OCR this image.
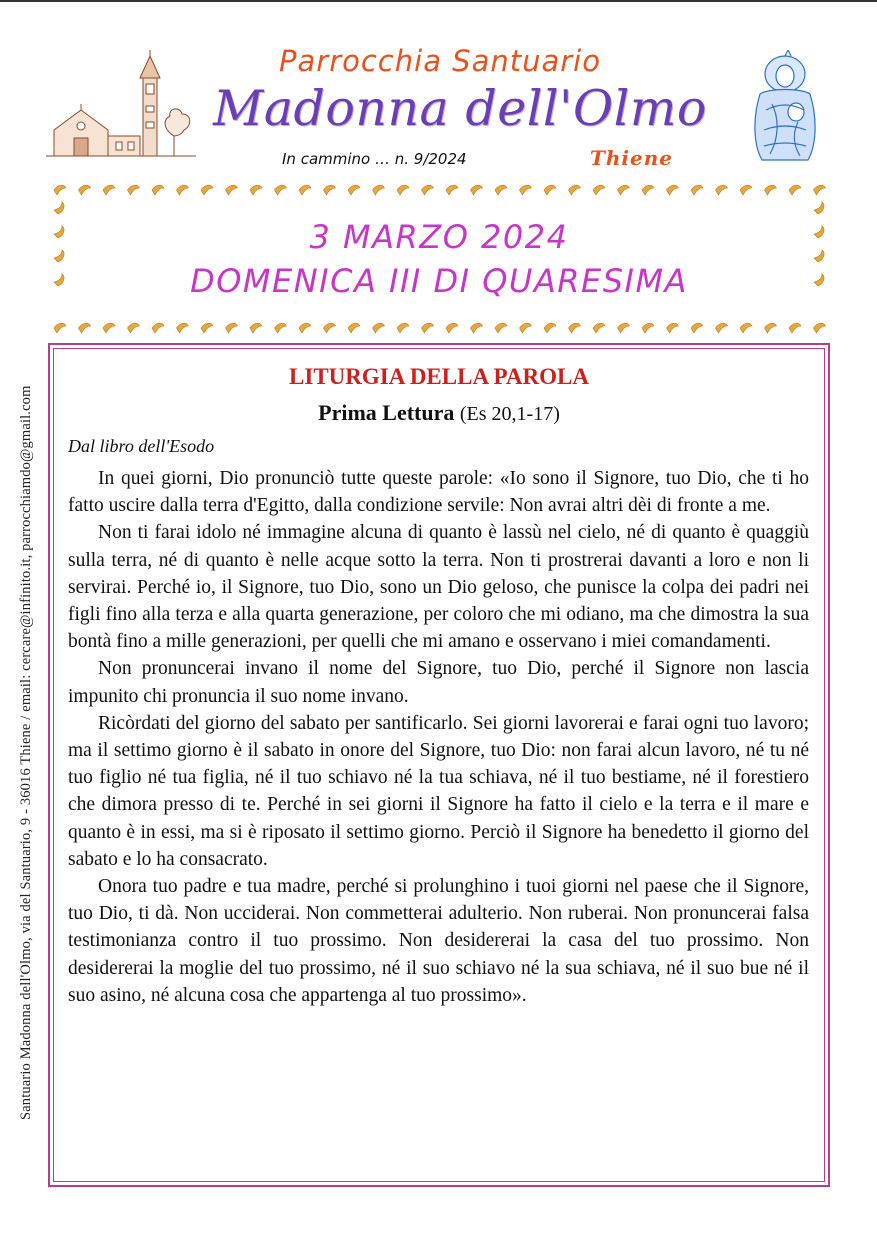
Santuario Madonna dell'Olmo, via del Santuario, 9 - 36016 Thiene / email: cercare@infinito.it, parrocchiamdo@gmail.com
Parrocchia Santuario
Madonna dell'Olmo
In cammino … n. 9/2024	Thiene
3 MARZO 2024
DOMENICA III DI QUARESIMA
LITURGIA DELLA PAROLA
Prima Lettura (Es 20,1-17)
Dal libro dell'Esodo

In quei giorni, Dio pronunciò tutte queste parole: «Io sono il Signore, tuo Dio, che ti ho fatto uscire dalla terra d'Egitto, dalla condizione servile: Non avrai altri dèi di fronte a me.

Non ti farai idolo né immagine alcuna di quanto è lassù nel cielo, né di quanto è quaggiù sulla terra, né di quanto è nelle acque sotto la terra. Non ti prostrerai davanti a loro e non li servirai. Perché io, il Signore, tuo Dio, sono un Dio geloso, che punisce la colpa dei padri nei figli fino alla terza e alla quarta generazione, per coloro che mi odiano, ma che dimostra la sua bontà fino a mille generazioni, per quelli che mi amano e osservano i miei comandamenti.

Non pronuncerai invano il nome del Signore, tuo Dio, perché il Signore non lascia impunito chi pronuncia il suo nome invano.

Ricòrdati del giorno del sabato per santificarlo. Sei giorni lavorerai e farai ogni tuo lavoro; ma il settimo giorno è il sabato in onore del Signore, tuo Dio: non farai alcun lavoro, né tu né tuo figlio né tua figlia, né il tuo schiavo né la tua schiava, né il tuo bestiame, né il forestiero che dimora presso di te. Perché in sei giorni il Signore ha fatto il cielo e la terra e il mare e quanto è in essi, ma si è riposato il settimo giorno. Perciò il Signore ha benedetto il giorno del sabato e lo ha consacrato.

Onora tuo padre e tua madre, perché si prolunghino i tuoi giorni nel paese che il Signore, tuo Dio, ti dà. Non ucciderai. Non commetterai adulterio. Non ruberai. Non pronuncerai falsa testimonianza contro il tuo prossimo. Non desidererai la casa del tuo prossimo. Non desidererai la moglie del tuo prossimo, né il suo schiavo né la sua schiava, né il suo bue né il suo asino, né alcuna cosa che appartenga al tuo prossimo».
